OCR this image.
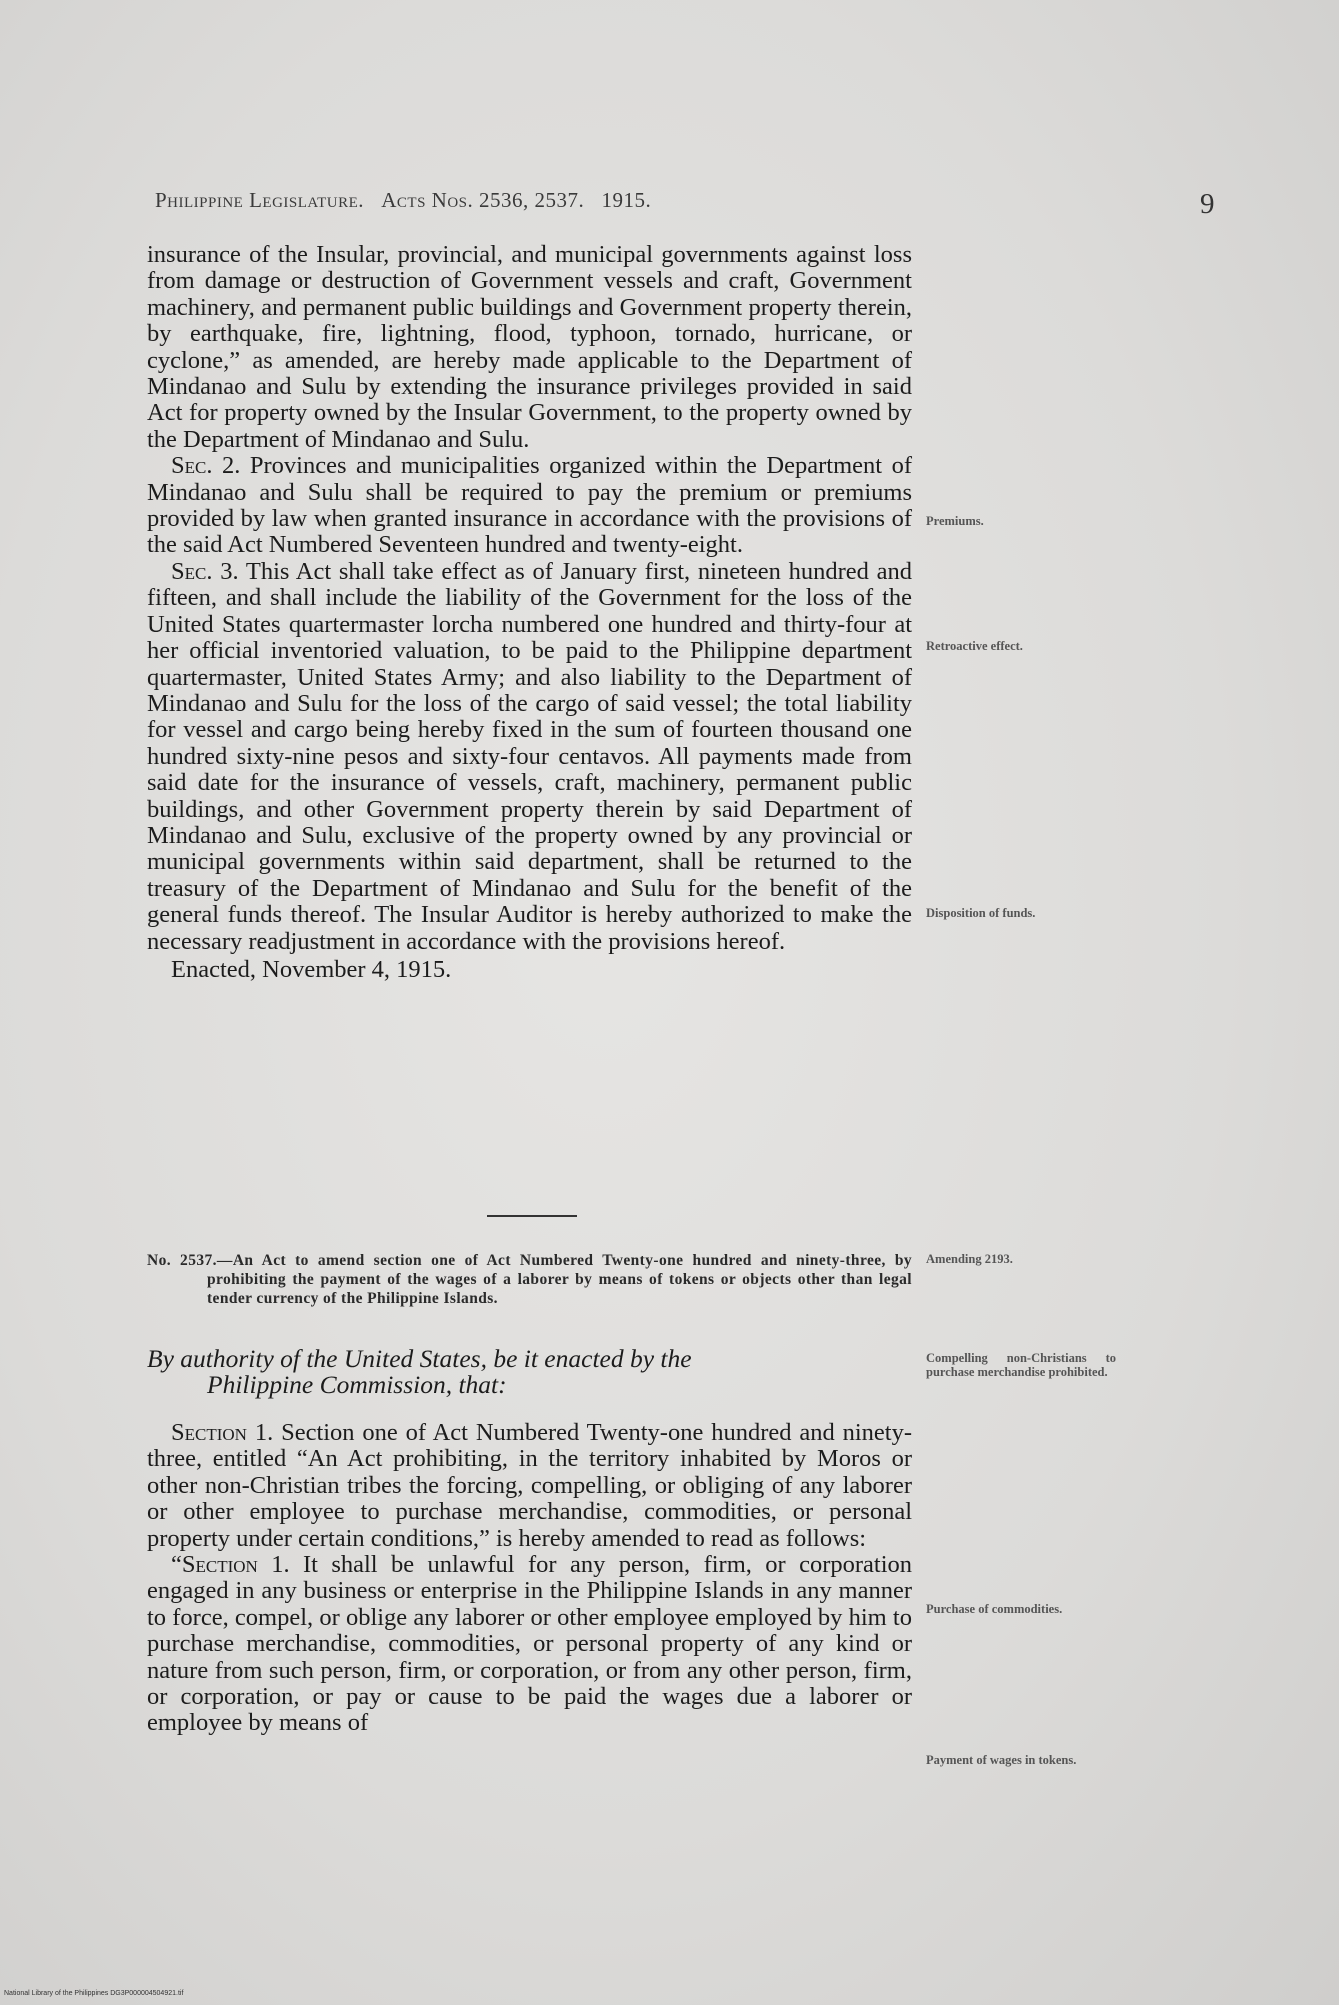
Philippine Legislature. Acts Nos. 2536, 2537. 1915.	9

insurance of the Insular, provincial, and municipal governments against loss from damage or destruction of Government vessels and craft, Government machinery, and permanent public buildings and Government property therein, by earthquake, fire, lightning, flood, typhoon, tornado, hurricane, or cyclone,” as amended, are hereby made applicable to the Department of Mindanao and Sulu by extending the insurance privileges provided in said Act for property owned by the Insular Government, to the property owned by the Department of Mindanao and Sulu.

Sec. 2. Provinces and municipalities organized within the Department of Mindanao and Sulu shall be required to pay the premium or premiums provided by law when granted insurance in accordance with the provisions of the said Act Numbered Seventeen hundred and twenty-eight.

Sec. 3. This Act shall take effect as of January first, nineteen hundred and fifteen, and shall include the liability of the Government for the loss of the United States quartermaster lorcha numbered one hundred and thirty-four at her official inventoried valuation, to be paid to the Philippine department quartermaster, United States Army; and also liability to the Department of Mindanao and Sulu for the loss of the cargo of said vessel; the total liability for vessel and cargo being hereby fixed in the sum of fourteen thousand one hundred sixty-nine pesos and sixty-four centavos. All payments made from said date for the insurance of vessels, craft, machinery, permanent public buildings, and other Government property therein by said Department of Mindanao and Sulu, exclusive of the property owned by any provincial or municipal governments within said department, shall be returned to the treasury of the Department of Mindanao and Sulu for the benefit of the general funds thereof. The Insular Auditor is hereby authorized to make the necessary readjustment in accordance with the provisions hereof.

Enacted, November 4, 1915.

No. 2537.—An Act to amend section one of Act Numbered Twenty-one hundred and ninety-three, by prohibiting the payment of the wages of a laborer by means of tokens or objects other than legal tender currency of the Philippine Islands.
By authority of the United States, be it enacted by the
Philippine Commission, that:

Section 1. Section one of Act Numbered Twenty-one hundred and ninety-three, entitled “An Act prohibiting, in the territory inhabited by Moros or other non-Christian tribes the forcing, compelling, or obliging of any laborer or other employee to purchase merchandise, commodities, or personal property under certain conditions,” is hereby amended to read as follows:

“Section 1. It shall be unlawful for any person, firm, or corporation engaged in any business or enterprise in the Philippine Islands in any manner to force, compel, or oblige any laborer or other employee employed by him to purchase merchandise, commodities, or personal property of any kind or nature from such person, firm, or corporation, or from any other person, firm, or corporation, or pay or cause to be paid the wages due a laborer or employee by means of

Premiums.
Retroactive effect.
Disposition of funds.
Amending 2193.
Compelling non-Christians to purchase merchandise prohibited.
Purchase of commodities.
Payment of wages in tokens.
National Library of the Philippines DG3P000004504921.tif
